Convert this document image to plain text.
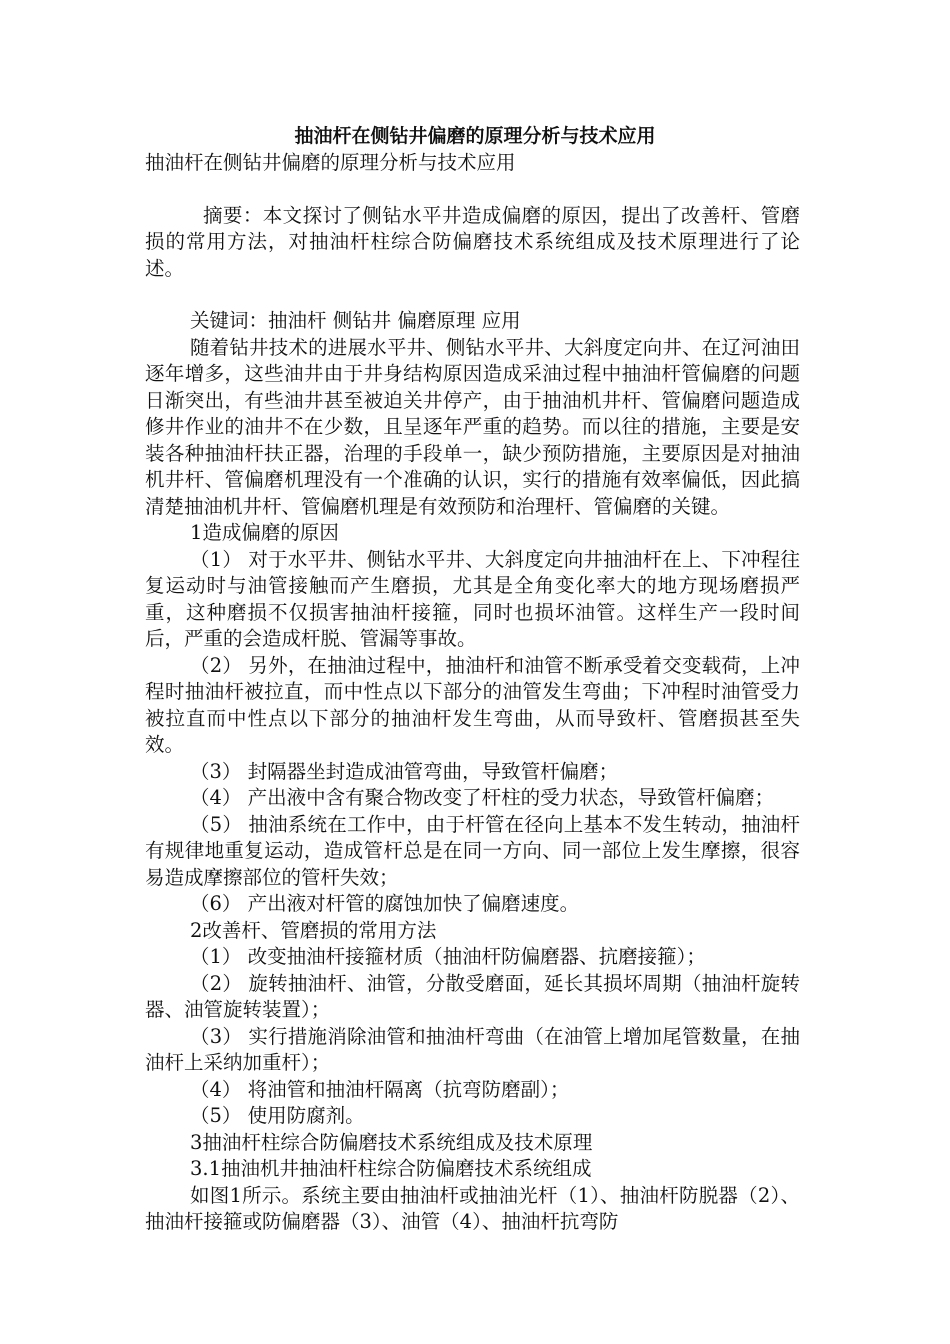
抽油杆在侧钻井偏磨的原理分析与技术应用

抽油杆在侧钻井偏磨的原理分析与技术应用

摘要：本文探讨了侧钻水平井造成偏磨的原因，提出了改善杆、管磨损的常用方法，对抽油杆柱综合防偏磨技术系统组成及技术原理进行了论述。

关键词：抽油杆 侧钻井 偏磨原理 应用

随着钻井技术的进展水平井、侧钻水平井、大斜度定向井、在辽河油田逐年增多，这些油井由于井身结构原因造成采油过程中抽油杆管偏磨的问题日渐突出，有些油井甚至被迫关井停产，由于抽油机井杆、管偏磨问题造成修井作业的油井不在少数，且呈逐年严重的趋势。而以往的措施，主要是安装各种抽油杆扶正器，治理的手段单一，缺少预防措施，主要原因是对抽油机井杆、管偏磨机理没有一个准确的认识，实行的措施有效率偏低，因此搞清楚抽油机井杆、管偏磨机理是有效预防和治理杆、管偏磨的关键。

1造成偏磨的原因

（1） 对于水平井、侧钻水平井、大斜度定向井抽油杆在上、下冲程往复运动时与油管接触而产生磨损，尤其是全角变化率大的地方现场磨损严重，这种磨损不仅损害抽油杆接箍，同时也损坏油管。这样生产一段时间后，严重的会造成杆脱、管漏等事故。

（2） 另外，在抽油过程中，抽油杆和油管不断承受着交变载荷，上冲程时抽油杆被拉直，而中性点以下部分的油管发生弯曲；下冲程时油管受力被拉直而中性点以下部分的抽油杆发生弯曲，从而导致杆、管磨损甚至失效。

（3） 封隔器坐封造成油管弯曲，导致管杆偏磨；

（4） 产出液中含有聚合物改变了杆柱的受力状态，导致管杆偏磨；

（5） 抽油系统在工作中，由于杆管在径向上基本不发生转动，抽油杆有规律地重复运动，造成管杆总是在同一方向、同一部位上发生摩擦，很容易造成摩擦部位的管杆失效；

（6） 产出液对杆管的腐蚀加快了偏磨速度。

2改善杆、管磨损的常用方法

（1） 改变抽油杆接箍材质（抽油杆防偏磨器、抗磨接箍）；

（2） 旋转抽油杆、油管，分散受磨面，延长其损坏周期（抽油杆旋转器、油管旋转装置）；

（3） 实行措施消除油管和抽油杆弯曲（在油管上增加尾管数量，在抽油杆上采纳加重杆）；

（4） 将油管和抽油杆隔离（抗弯防磨副）；

（5） 使用防腐剂。

3抽油杆柱综合防偏磨技术系统组成及技术原理

3.1抽油机井抽油杆柱综合防偏磨技术系统组成

如图1所示。系统主要由抽油杆或抽油光杆（1）、抽油杆防脱器（2）、抽油杆接箍或防偏磨器（3）、油管（4）、抽油杆抗弯防
